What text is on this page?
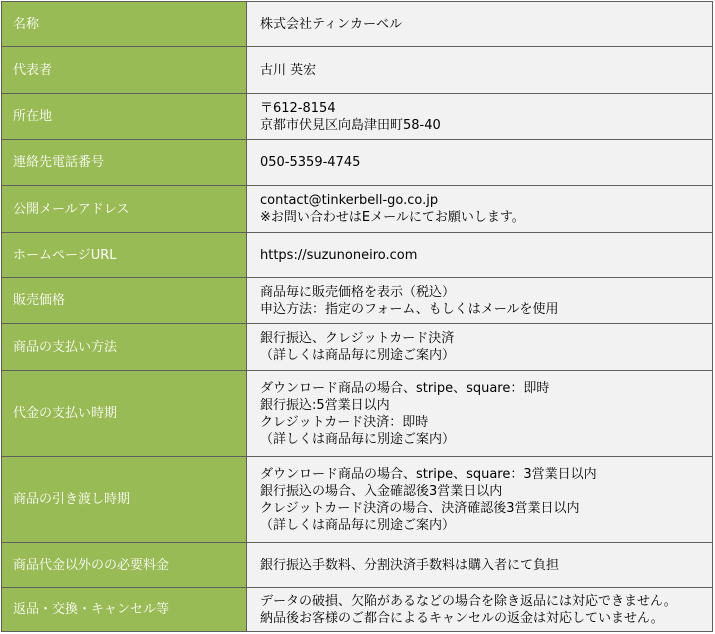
名称	株式会社ティンカーベル

代表者	古川 英宏

所在地	〒612-8154
京都市伏見区向島津田町58-40

連絡先電話番号	050-5359-4745

公開メールアドレス	contact@tinkerbell-go.co.jp
※お問い合わせはEメールにてお願いします。

ホームページURL	https://suzunoneiro.com

販売価格	商品毎に販売価格を表示（税込）
申込方法：指定のフォーム、もしくはメールを使用

商品の支払い方法	銀行振込、クレジットカード決済
（詳しくは商品毎に別途ご案内）

代金の支払い時期	ダウンロード商品の場合、stripe、square：即時
銀行振込:5営業日以内
クレジットカード決済：即時
（詳しくは商品毎に別途ご案内）

商品の引き渡し時期	ダウンロード商品の場合、stripe、square：3営業日以内
銀行振込の場合、入金確認後3営業日以内
クレジットカード決済の場合、決済確認後3営業日以内
（詳しくは商品毎に別途ご案内）

商品代金以外のの必要料金	銀行振込手数料、分割決済手数料は購入者にて負担

返品・交換・キャンセル等	データの破損、欠陥があるなどの場合を除き返品には対応できません。
納品後お客様のご都合によるキャンセルの返金は対応していません。
